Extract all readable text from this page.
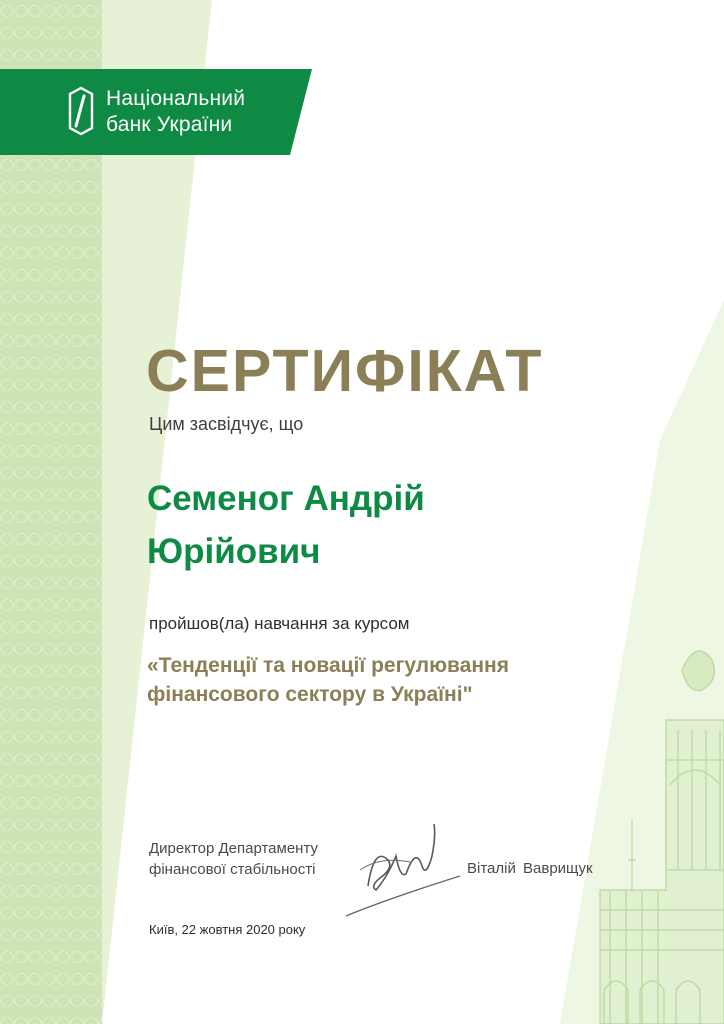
Національний
банк України
СЕРТИФІКАТ
Цим засвідчує, що
Семеног Андрій
Юрійович
пройшов(ла) навчання за курсом
«Тенденції та новації регулювання
фінансового сектору в Україні"
Директор Департаменту
фінансової стабільності	Віталій Ваврищук
Київ, 22 жовтня 2020 року
